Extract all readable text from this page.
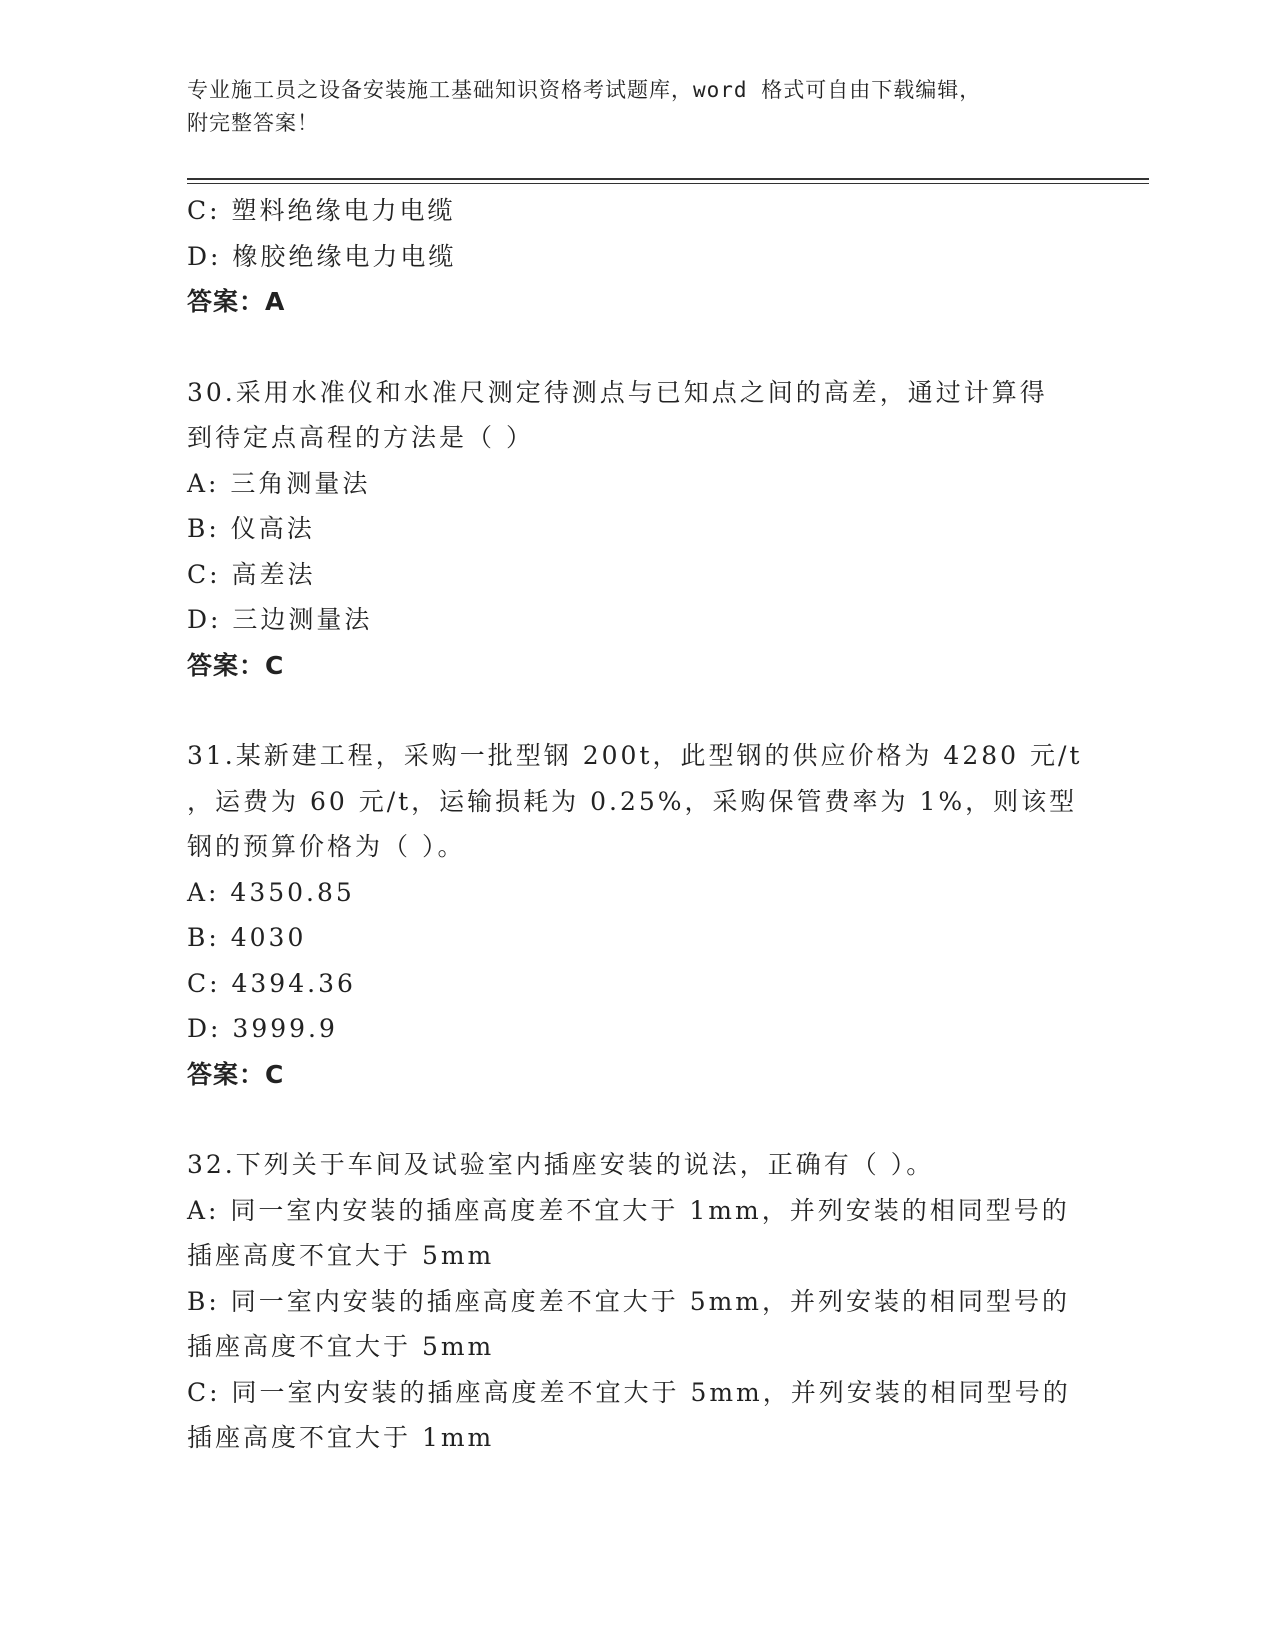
专业施工员之设备安装施工基础知识资格考试题库，word 格式可自由下载编辑，
附完整答案！
C: 塑料绝缘电力电缆
D: 橡胶绝缘电力电缆
答案：A
30.采用水准仪和水准尺测定待测点与已知点之间的高差，通过计算得
到待定点高程的方法是（ ）
A: 三角测量法
B: 仪高法
C: 高差法
D: 三边测量法
答案：C
31.某新建工程，采购一批型钢 200t，此型钢的供应价格为 4280 元/t
，运费为 60 元/t，运输损耗为 0.25%，采购保管费率为 1%，则该型
钢的预算价格为（ ）。
A: 4350.85
B: 4030
C: 4394.36
D: 3999.9
答案：C
32.下列关于车间及试验室内插座安装的说法，正确有（ ）。
A: 同一室内安装的插座高度差不宜大于 1mm，并列安装的相同型号的
插座高度不宜大于 5mm
B: 同一室内安装的插座高度差不宜大于 5mm，并列安装的相同型号的
插座高度不宜大于 5mm
C: 同一室内安装的插座高度差不宜大于 5mm，并列安装的相同型号的
插座高度不宜大于 1mm
